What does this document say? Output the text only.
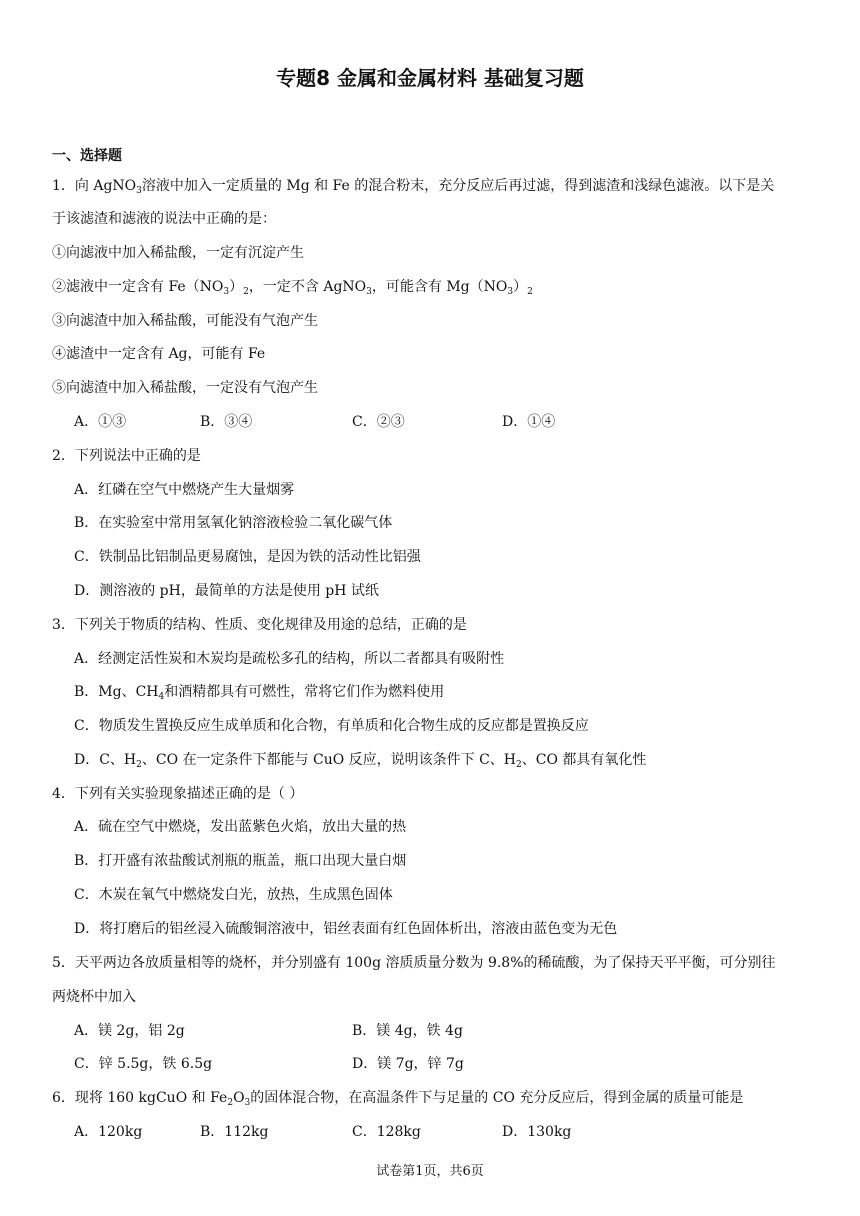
专题8 金属和金属材料 基础复习题
一、选择题
1．向 AgNO$_3$溶液中加入一定质量的 Mg 和 Fe 的混合粉末，充分反应后再过滤，得到滤渣和浅绿色滤液。以下是关
于该滤渣和滤液的说法中正确的是：
①向滤液中加入稀盐酸，一定有沉淀产生
②滤液中一定含有 $Fe(NO_3)_2$，一定不含 AgNO$_3$，可能含有 $Mg(NO_3)_2$
③向滤渣中加入稀盐酸，可能没有气泡产生
④滤渣中一定含有 Ag，可能有 Fe
⑤向滤渣中加入稀盐酸，一定没有气泡产生
A．①③	B．③④	C．②③	D．①④
2．下列说法中正确的是
A．红磷在空气中燃烧产生大量烟雾
B．在实验室中常用氢氧化钠溶液检验二氧化碳气体
C．铁制品比铝制品更易腐蚀，是因为铁的活动性比铝强
D．测溶液的 pH，最简单的方法是使用 pH 试纸
3．下列关于物质的结构、性质、变化规律及用途的总结，正确的是
A．经测定活性炭和木炭均是疏松多孔的结构，所以二者都具有吸附性
B．Mg、$CH_4$和酒精都具有可燃性，常将它们作为燃料使用
C．物质发生置换反应生成单质和化合物，有单质和化合物生成的反应都是置换反应
D．C、$H_2$、CO 在一定条件下都能与 CuO 反应，说明该条件下 C、$H_2$、CO 都具有氧化性
4．下列有关实验现象描述正确的是（ ）
A．硫在空气中燃烧，发出蓝紫色火焰，放出大量的热
B．打开盛有浓盐酸试剂瓶的瓶盖，瓶口出现大量白烟
C．木炭在氧气中燃烧发白光，放热，生成黑色固体
D．将打磨后的铝丝浸入硫酸铜溶液中，铝丝表面有红色固体析出，溶液由蓝色变为无色
5．天平两边各放质量相等的烧杯，并分别盛有 100g 溶质质量分数为 9.8%的稀硫酸，为了保持天平平衡，可分别往
两烧杯中加入
A．镁 2g，铝 2g	B．镁 4g，铁 4g
C．锌 5.5g，铁 6.5g	D．镁 7g，锌 7g
6．现将 160 kgCuO 和 $Fe_2O_3$的固体混合物，在高温条件下与足量的 CO 充分反应后，得到金属的质量可能是
A．120kg	B．112kg	C．128kg	D．130kg
试卷第1页，共6页
